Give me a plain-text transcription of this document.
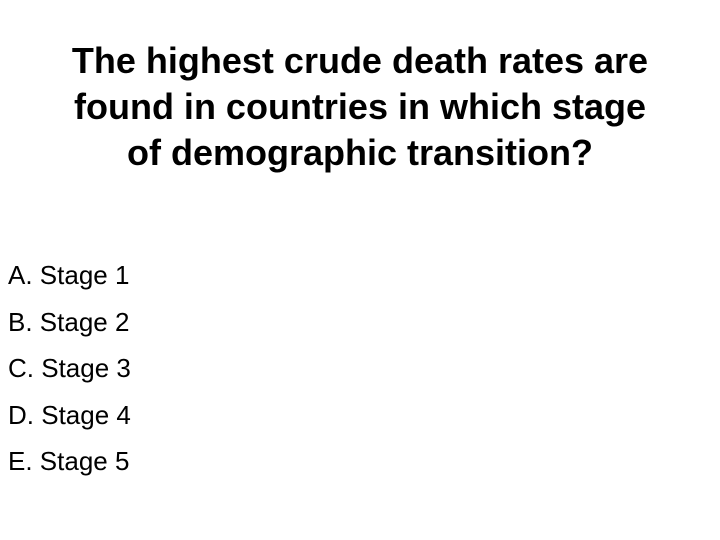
The highest crude death rates are
found in countries in which stage
of demographic transition?
A. Stage 1
B. Stage 2
C. Stage 3
D. Stage 4
E. Stage 5
